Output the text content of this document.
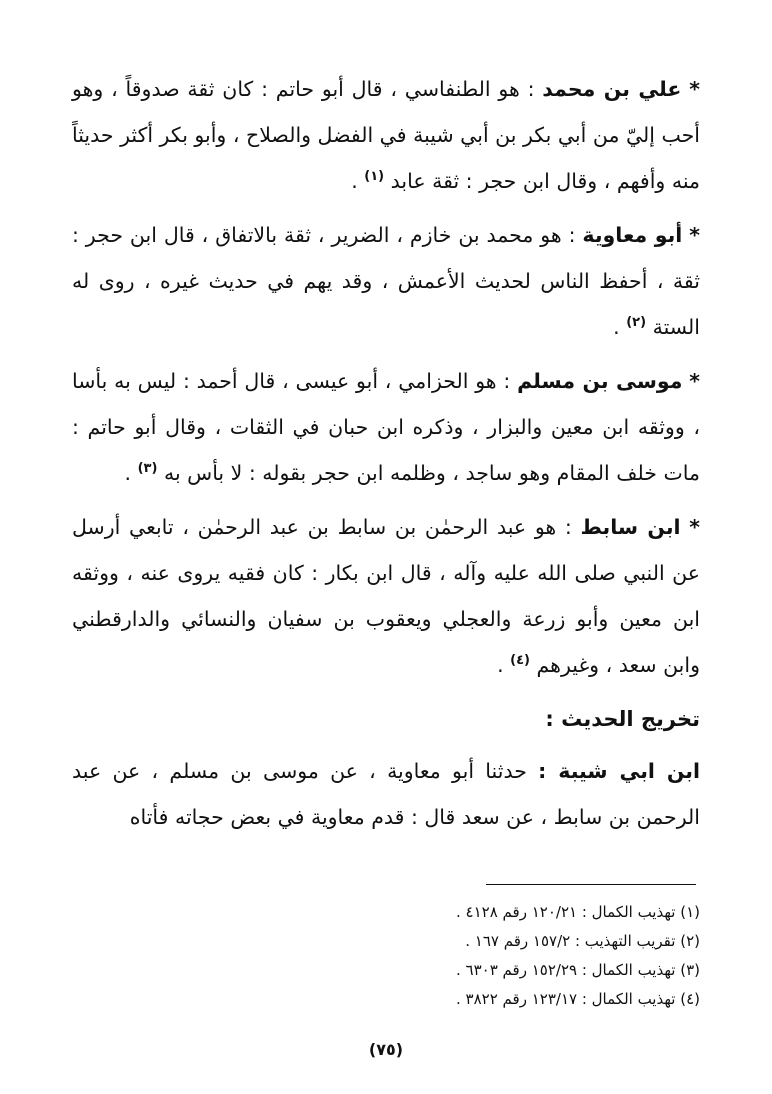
* علي بن محمد : هو الطنفاسي ، قال أبو حاتم : كان ثقة صدوقاً ، وهو أحب إليّ من أبي بكر بن أبي شيبة في الفضل والصلاح ، وأبو بكر أكثر حديثاً منه وأفهم ، وقال ابن حجر : ثقة عابد $^{(١)}$ .

* أبو معاوية : هو محمد بن خازم ، الضرير ، ثقة بالاتفاق ، قال ابن حجر : ثقة ، أحفظ الناس لحديث الأعمش ، وقد يهم في حديث غيره ، روى له الستة $^{(٢)}$ .

* موسى بن مسلم : هو الحزامي ، أبو عيسى ، قال أحمد : ليس به بأسا ، ووثقه ابن معين والبزار ، وذكره ابن حبان في الثقات ، وقال أبو حاتم : مات خلف المقام وهو ساجد ، وظلمه ابن حجر بقوله : لا بأس به $^{(٣)}$ .

* ابن سابط : هو عبد الرحمٰن بن سابط بن عبد الرحمٰن ، تابعي أرسل عن النبي صلى الله عليه وآله ، قال ابن بكار : كان فقيه يروى عنه ، ووثقه ابن معين وأبو زرعة والعجلي ويعقوب بن سفيان والنسائي والدارقطني وابن سعد ، وغيرهم $^{(٤)}$ .

تخريج الحديث :

ابن ابي شيبة : حدثنا أبو معاوية ، عن موسى بن مسلم ، عن عبد الرحمن بن سابط ، عن سعد قال : قدم معاوية في بعض حجاته فأتاه

(١) تهذيب الكمال : ١٢٠/٢١ رقم ٤١٢٨ .

(٢) تقريب التهذيب : ١٥٧/٢ رقم ١٦٧ .

(٣) تهذيب الكمال : ١٥٢/٢٩ رقم ٦٣٠٣ .

(٤) تهذيب الكمال : ١٢٣/١٧ رقم ٣٨٢٢ .

(٧٥)
